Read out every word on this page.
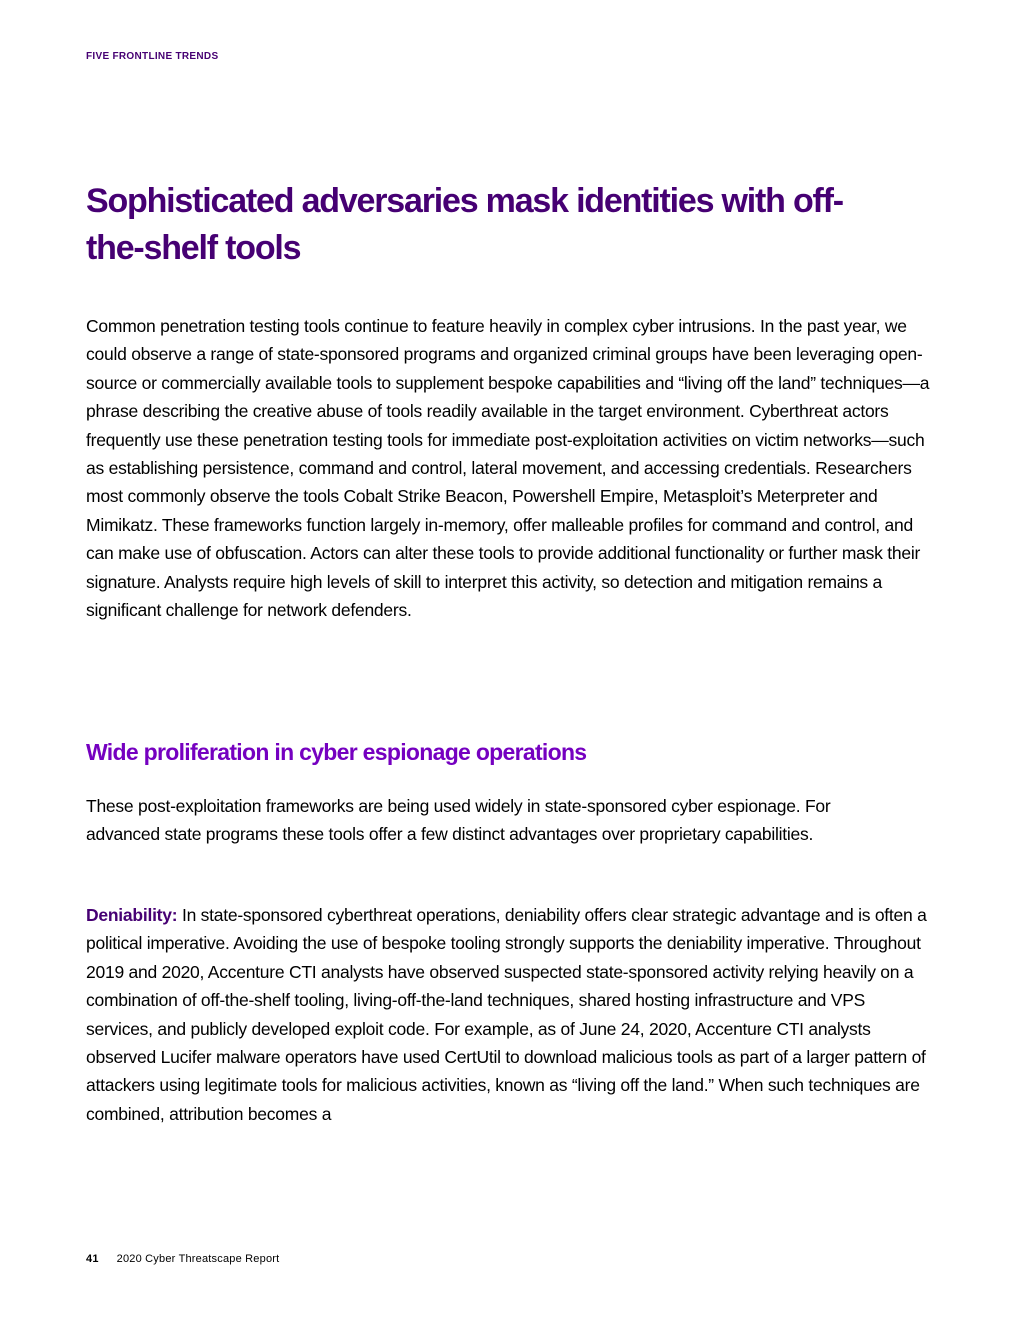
FIVE FRONTLINE TRENDS
Sophisticated adversaries mask identities with off-the-shelf tools

Common penetration testing tools continue to feature heavily in complex cyber intrusions. In the past year, we could observe a range of state-sponsored programs and organized criminal groups have been leveraging open-source or commercially available tools to supplement bespoke capabilities and “living off the land” techniques—a phrase describing the creative abuse of tools readily available in the target environment. Cyberthreat actors frequently use these penetration testing tools for immediate post-exploitation activities on victim networks—such as establishing persistence, command and control, lateral movement, and accessing credentials. Researchers most commonly observe the tools Cobalt Strike Beacon, Powershell Empire, Metasploit’s Meterpreter and Mimikatz. These frameworks function largely in-memory, offer malleable profiles for command and control, and can make use of obfuscation. Actors can alter these tools to provide additional functionality or further mask their signature. Analysts require high levels of skill to interpret this activity, so detection and mitigation remains a significant challenge for network defenders.

Wide proliferation in cyber espionage operations

These post-exploitation frameworks are being used widely in state-sponsored cyber espionage. For advanced state programs these tools offer a few distinct advantages over proprietary capabilities.

Deniability: In state-sponsored cyberthreat operations, deniability offers clear strategic advantage and is often a political imperative. Avoiding the use of bespoke tooling strongly supports the deniability imperative. Throughout 2019 and 2020, Accenture CTI analysts have observed suspected state-sponsored activity relying heavily on a combination of off-the-shelf tooling, living-off-the-land techniques, shared hosting infrastructure and VPS services, and publicly developed exploit code. For example, as of June 24, 2020, Accenture CTI analysts observed Lucifer malware operators have used CertUtil to download malicious tools as part of a larger pattern of attackers using legitimate tools for malicious activities, known as “living off the land.” When such techniques are combined, attribution becomes a

41 2020 Cyber Threatscape Report
